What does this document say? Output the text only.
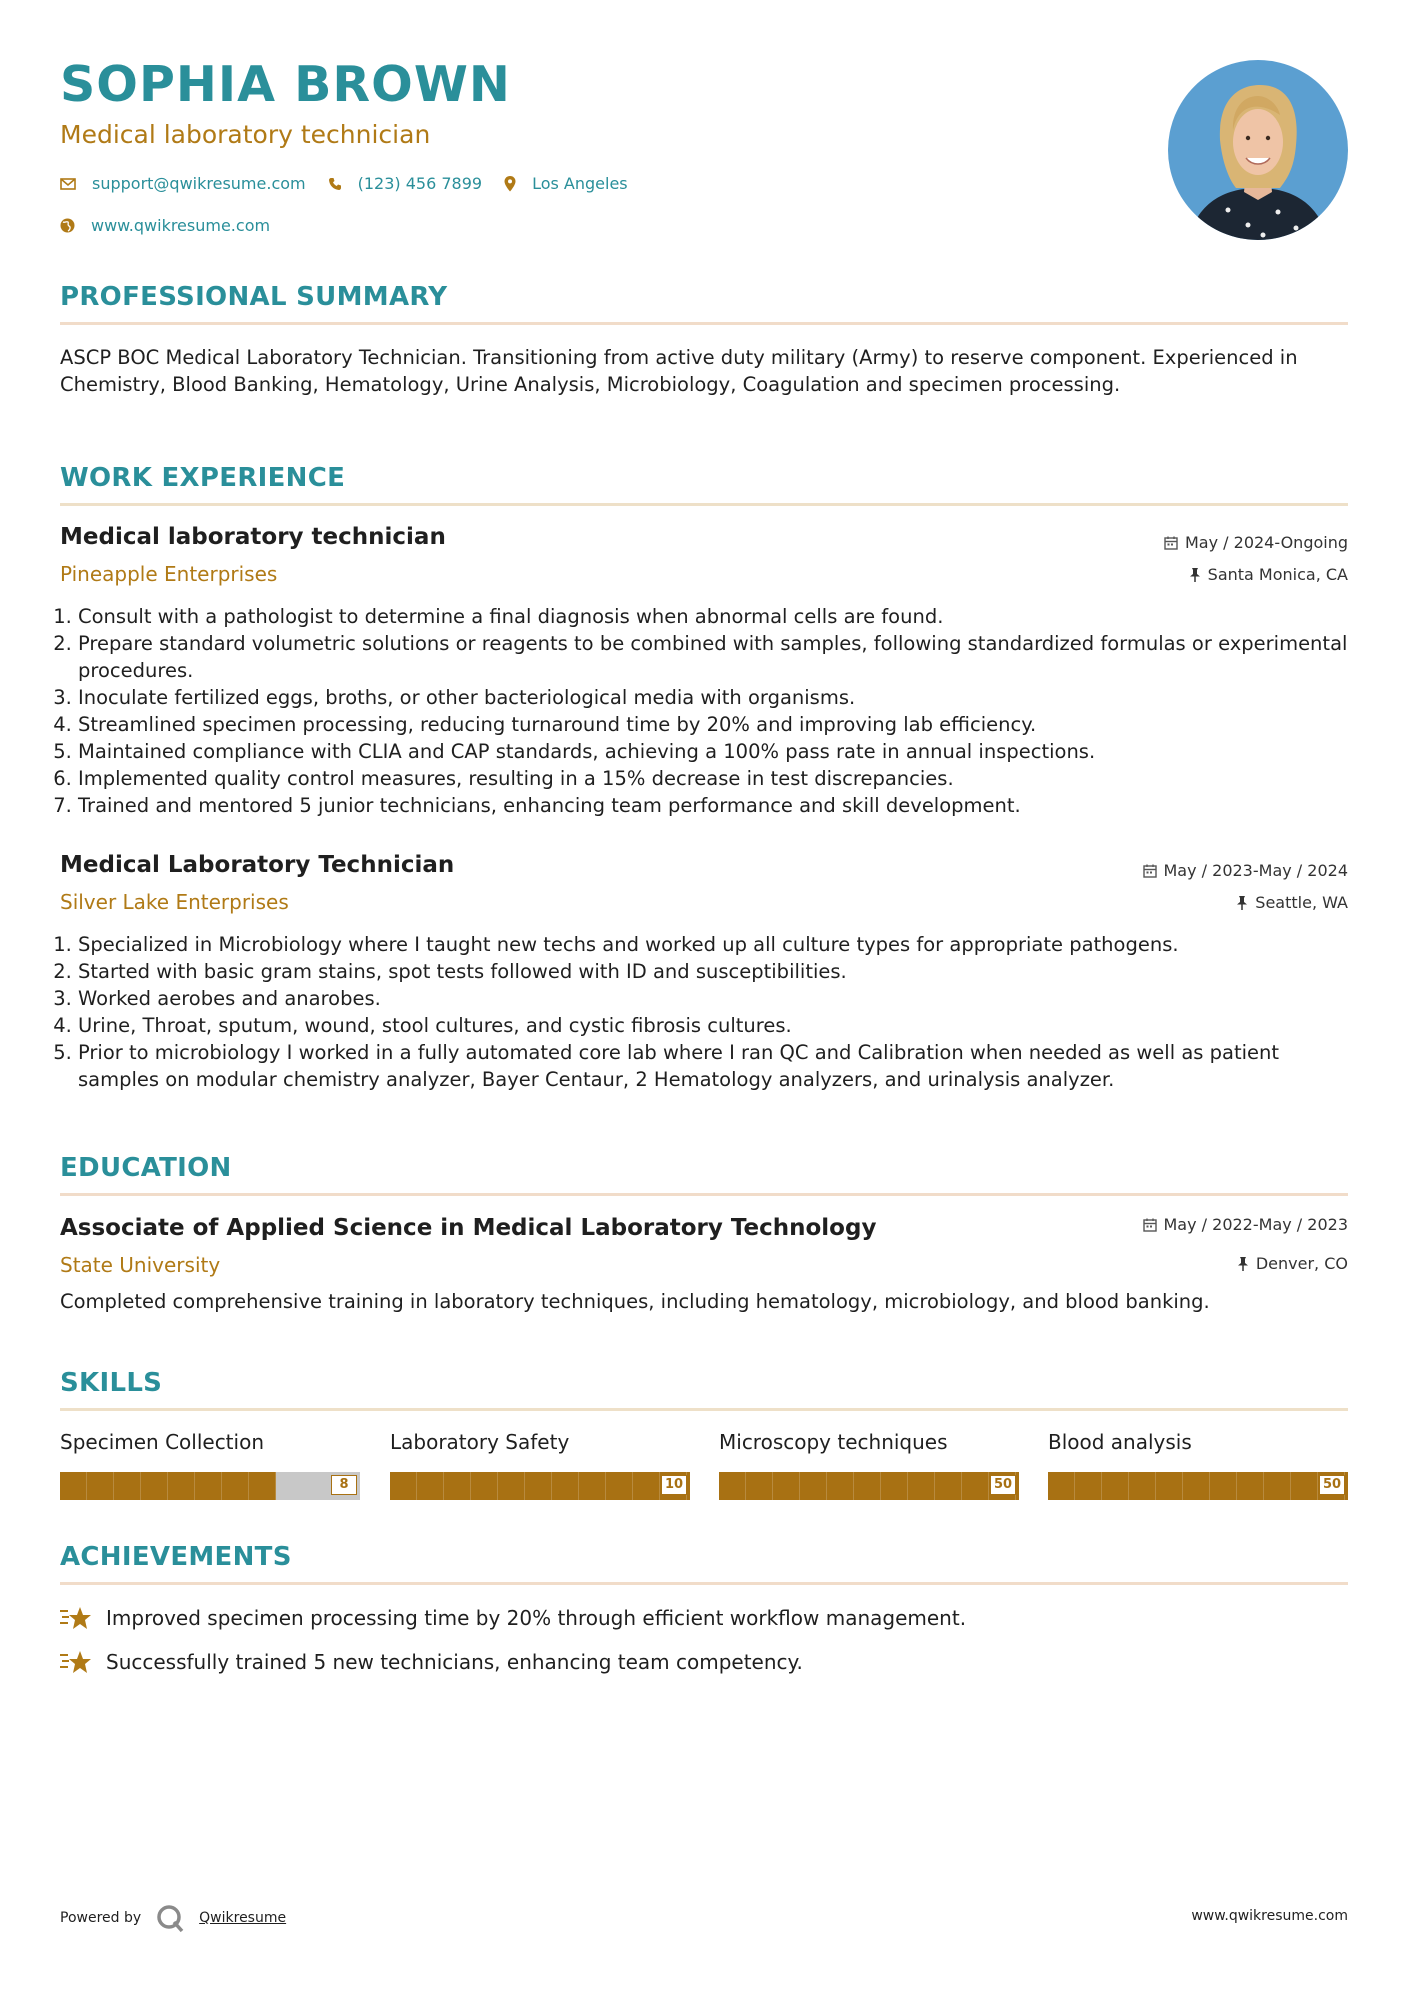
SOPHIA BROWN

Medical laboratory technician

support@qwikresume.com	(123) 456 7899	Los Angeles
www.qwikresume.com
PROFESSIONAL SUMMARY

ASCP BOC Medical Laboratory Technician. Transitioning from active duty military (Army) to reserve component. Experienced in Chemistry, Blood Banking, Hematology, Urine Analysis, Microbiology, Coagulation and specimen processing.

WORK EXPERIENCE
Medical laboratory technician	May / 2024-Ongoing

Pineapple Enterprises	Santa Monica, CA
1. Consult with a pathologist to determine a final diagnosis when abnormal cells are found.
2. Prepare standard volumetric solutions or reagents to be combined with samples, following standardized formulas or experimental procedures.
3. Inoculate fertilized eggs, broths, or other bacteriological media with organisms.
4. Streamlined specimen processing, reducing turnaround time by 20% and improving lab efficiency.
5. Maintained compliance with CLIA and CAP standards, achieving a 100% pass rate in annual inspections.
6. Implemented quality control measures, resulting in a 15% decrease in test discrepancies.
7. Trained and mentored 5 junior technicians, enhancing team performance and skill development.
Medical Laboratory Technician	May / 2023-May / 2024

Silver Lake Enterprises	Seattle, WA
1. Specialized in Microbiology where I taught new techs and worked up all culture types for appropriate pathogens.
2. Started with basic gram stains, spot tests followed with ID and susceptibilities.
3. Worked aerobes and anarobes.
4. Urine, Throat, sputum, wound, stool cultures, and cystic fibrosis cultures.
5. Prior to microbiology I worked in a fully automated core lab where I ran QC and Calibration when needed as well as patient samples on modular chemistry analyzer, Bayer Centaur, 2 Hematology analyzers, and urinalysis analyzer.
EDUCATION
Associate of Applied Science in Medical Laboratory Technology	May / 2022-May / 2023

State University	Denver, CO

Completed comprehensive training in laboratory techniques, including hematology, microbiology, and blood banking.

SKILLS

Specimen Collection

8

Laboratory Safety

10

Microscopy techniques

50

Blood analysis

50
ACHIEVEMENTS
Improved specimen processing time by 20% through efficient workflow management.
Successfully trained 5 new technicians, enhancing team competency.
Powered by	Qwikresume	www.qwikresume.com
